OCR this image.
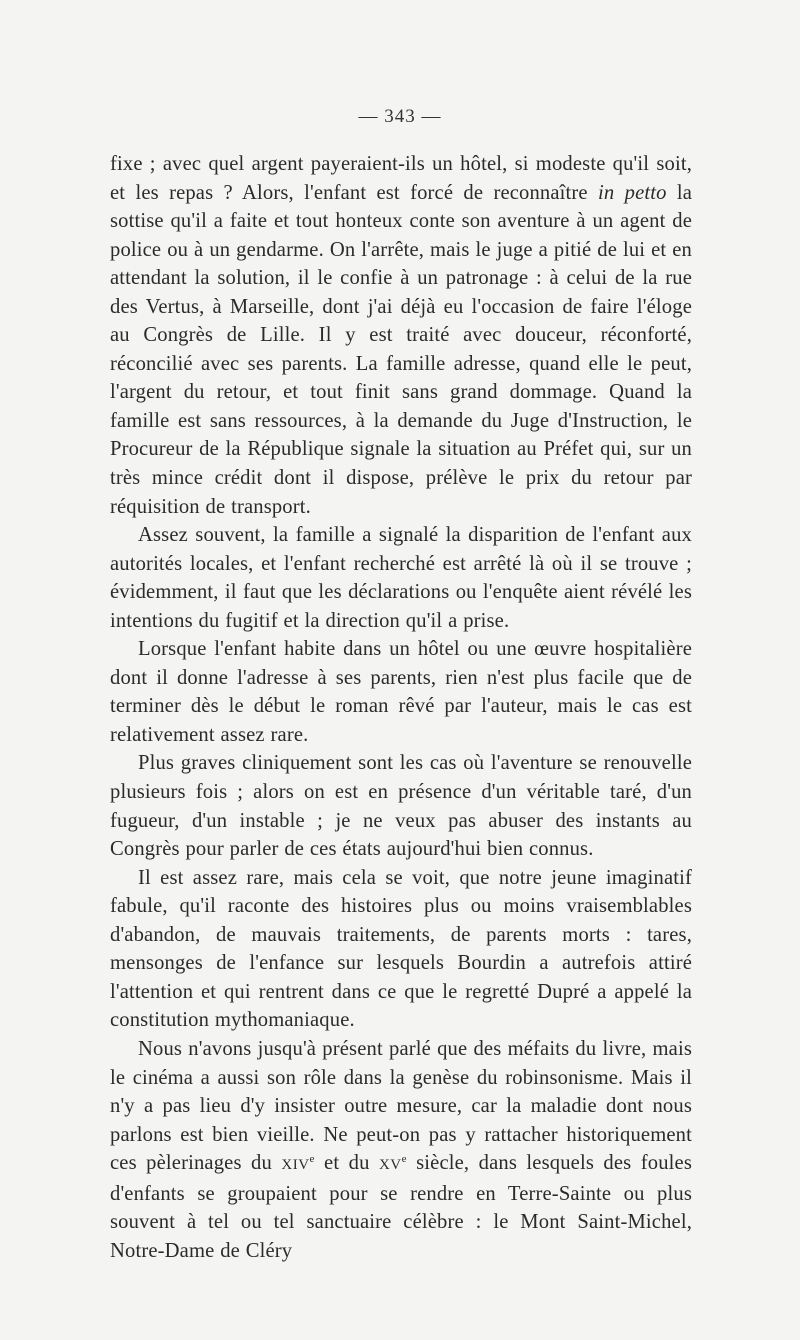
— 343 —

fixe ; avec quel argent payeraient-ils un hôtel, si modeste qu'il soit, et les repas ? Alors, l'enfant est forcé de reconnaître in petto la sottise qu'il a faite et tout honteux conte son aventure à un agent de police ou à un gendarme. On l'arrête, mais le juge a pitié de lui et en attendant la solution, il le confie à un patronage : à celui de la rue des Vertus, à Marseille, dont j'ai déjà eu l'occasion de faire l'éloge au Congrès de Lille. Il y est traité avec douceur, réconforté, réconcilié avec ses parents. La famille adresse, quand elle le peut, l'argent du retour, et tout finit sans grand dommage. Quand la famille est sans ressources, à la demande du Juge d'Instruction, le Procureur de la République signale la situation au Préfet qui, sur un très mince crédit dont il dispose, prélève le prix du retour par réquisition de transport.

Assez souvent, la famille a signalé la disparition de l'enfant aux autorités locales, et l'enfant recherché est arrêté là où il se trouve ; évidemment, il faut que les déclarations ou l'enquête aient révélé les intentions du fugitif et la direction qu'il a prise.

Lorsque l'enfant habite dans un hôtel ou une œuvre hospitalière dont il donne l'adresse à ses parents, rien n'est plus facile que de terminer dès le début le roman rêvé par l'auteur, mais le cas est relativement assez rare.

Plus graves cliniquement sont les cas où l'aventure se renouvelle plusieurs fois ; alors on est en présence d'un véritable taré, d'un fugueur, d'un instable ; je ne veux pas abuser des instants au Congrès pour parler de ces états aujourd'hui bien connus.

Il est assez rare, mais cela se voit, que notre jeune imaginatif fabule, qu'il raconte des histoires plus ou moins vraisemblables d'abandon, de mauvais traitements, de parents morts : tares, mensonges de l'enfance sur lesquels Bourdin a autrefois attiré l'attention et qui rentrent dans ce que le regretté Dupré a appelé la constitution mythomaniaque.

Nous n'avons jusqu'à présent parlé que des méfaits du livre, mais le cinéma a aussi son rôle dans la genèse du robinsonisme. Mais il n'y a pas lieu d'y insister outre mesure, car la maladie dont nous parlons est bien vieille. Ne peut-on pas y rattacher historiquement ces pèlerinages du XIVe et du XVe siècle, dans lesquels des foules d'enfants se groupaient pour se rendre en Terre-Sainte ou plus souvent à tel ou tel sanctuaire célèbre : le Mont Saint-Michel, Notre-Dame de Cléry
